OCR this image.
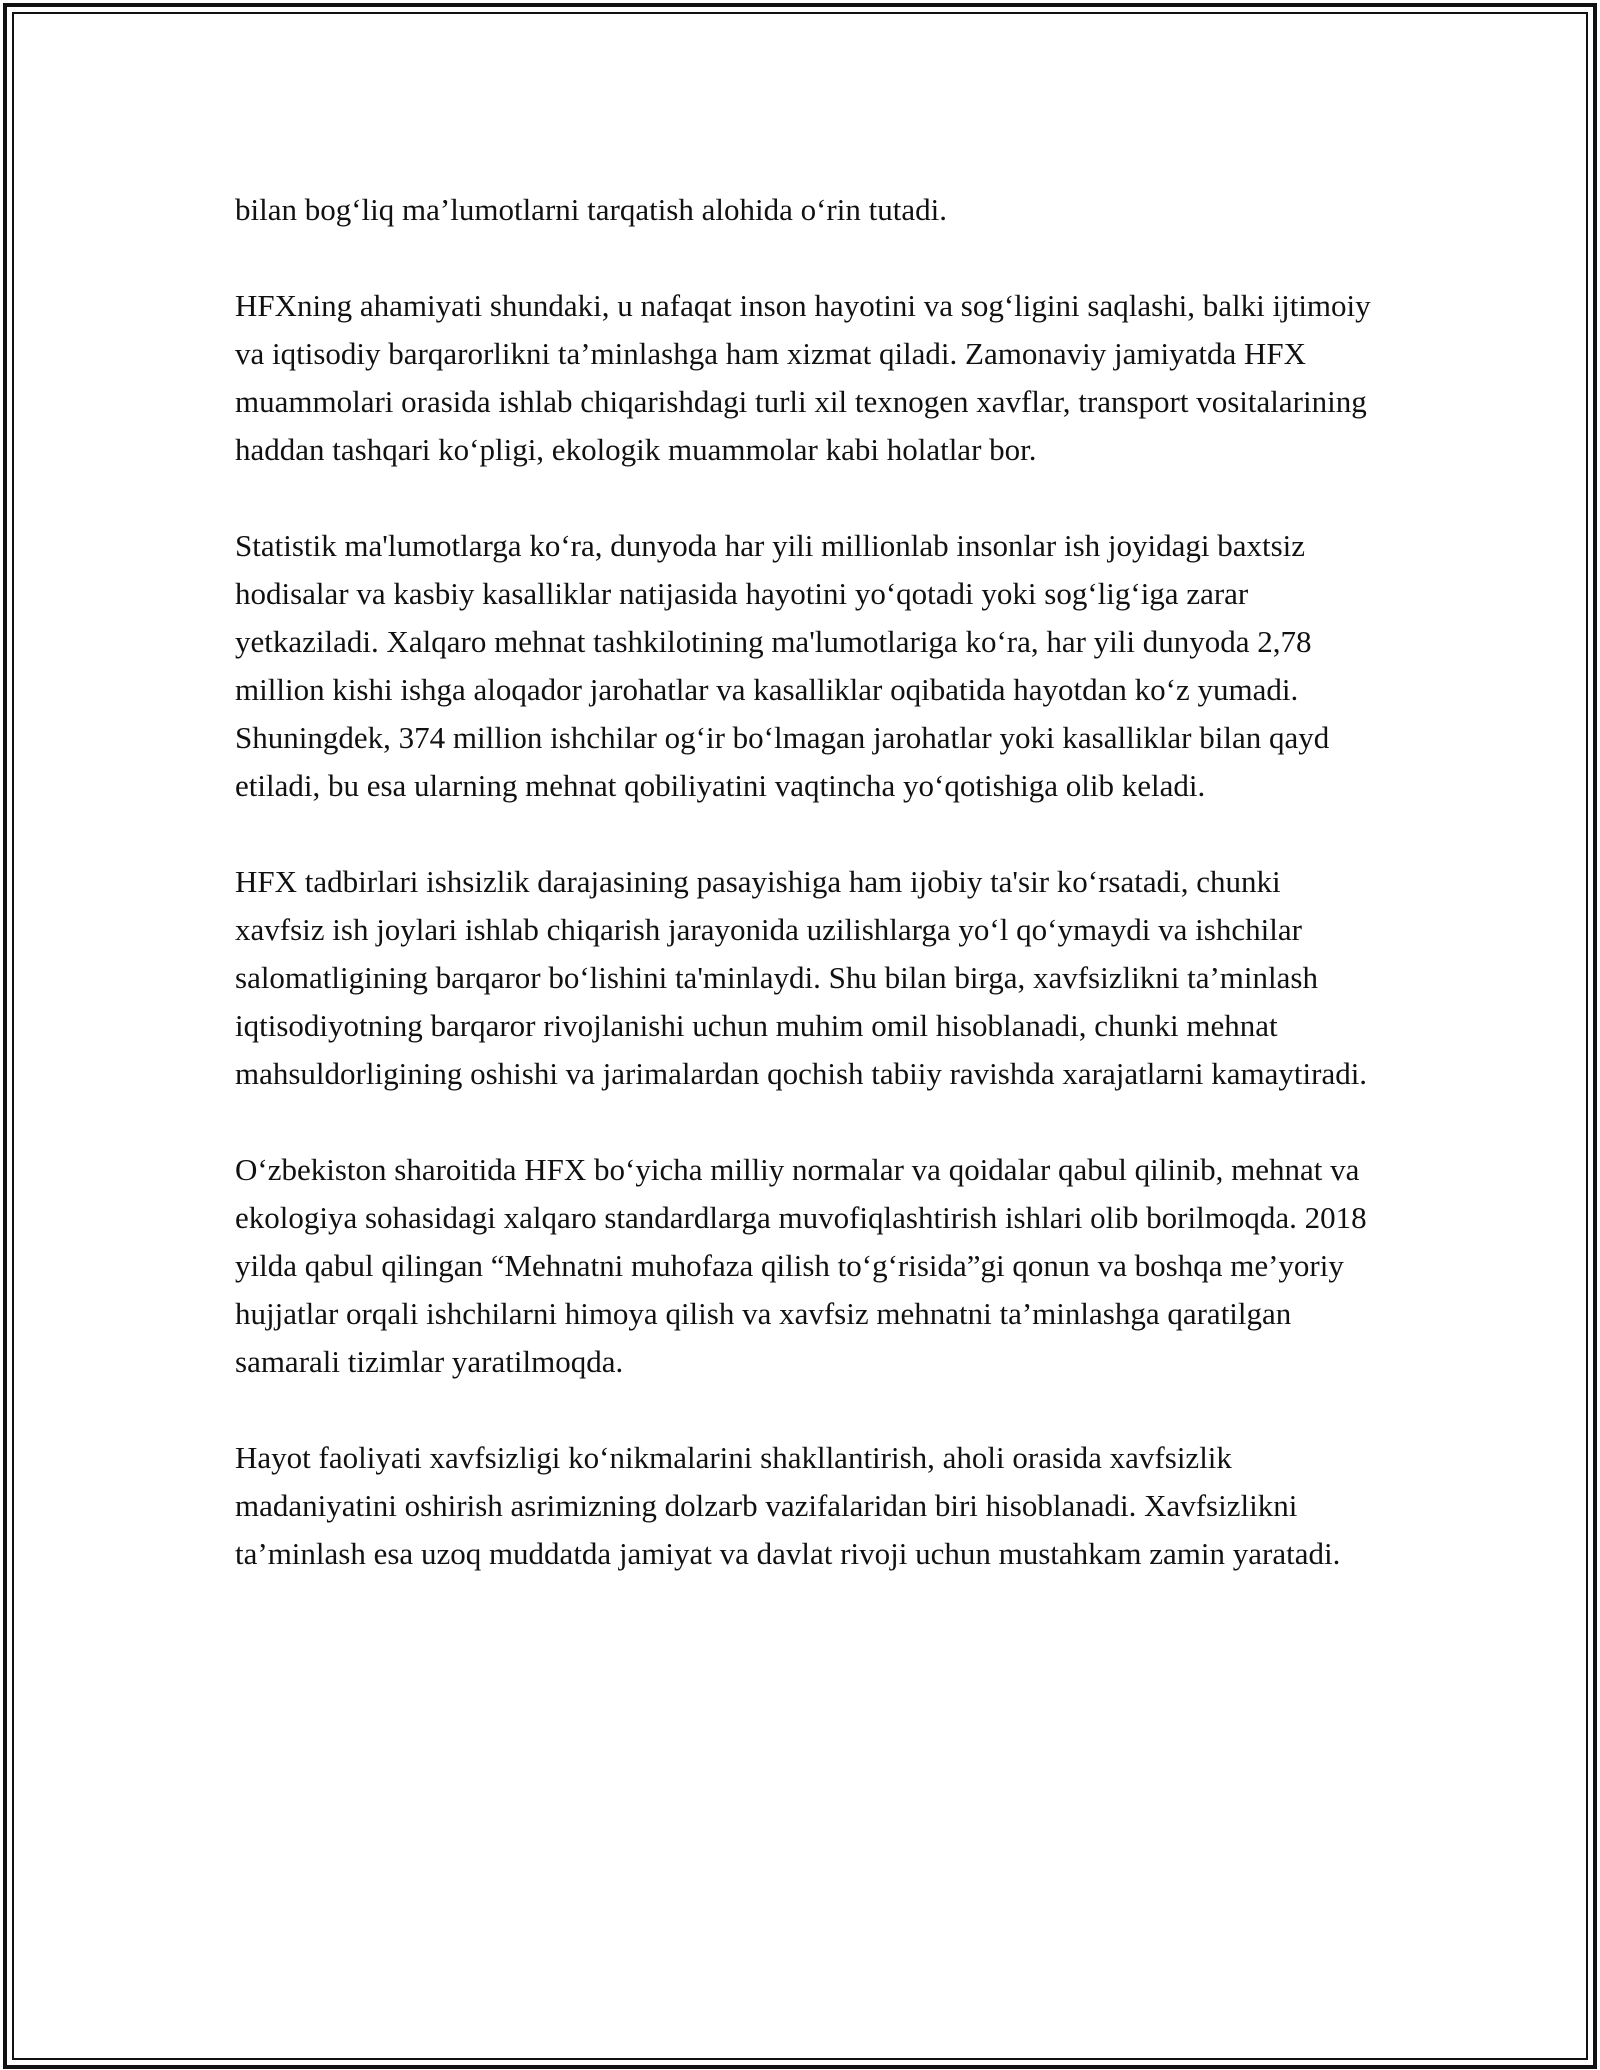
bilan bog‘liq ma’lumotlarni tarqatish alohida o‘rin tutadi.

HFXning ahamiyati shundaki, u nafaqat inson hayotini va sog‘ligini saqlashi, balki ijtimoiy va iqtisodiy barqarorlikni ta’minlashga ham xizmat qiladi. Zamonaviy jamiyatda HFX muammolari orasida ishlab chiqarishdagi turli xil texnogen xavflar, transport vositalarining haddan tashqari ko‘pligi, ekologik muammolar kabi holatlar bor.

Statistik ma'lumotlarga ko‘ra, dunyoda har yili millionlab insonlar ish joyidagi baxtsiz hodisalar va kasbiy kasalliklar natijasida hayotini yo‘qotadi yoki sog‘lig‘iga zarar yetkaziladi. Xalqaro mehnat tashkilotining ma'lumotlariga ko‘ra, har yili dunyoda 2,78 million kishi ishga aloqador jarohatlar va kasalliklar oqibatida hayotdan ko‘z yumadi. Shuningdek, 374 million ishchilar og‘ir bo‘lmagan jarohatlar yoki kasalliklar bilan qayd etiladi, bu esa ularning mehnat qobiliyatini vaqtincha yo‘qotishiga olib keladi.

HFX tadbirlari ishsizlik darajasining pasayishiga ham ijobiy ta'sir ko‘rsatadi, chunki xavfsiz ish joylari ishlab chiqarish jarayonida uzilishlarga yo‘l qo‘ymaydi va ishchilar salomatligining barqaror bo‘lishini ta'minlaydi. Shu bilan birga, xavfsizlikni ta’minlash iqtisodiyotning barqaror rivojlanishi uchun muhim omil hisoblanadi, chunki mehnat mahsuldorligining oshishi va jarimalardan qochish tabiiy ravishda xarajatlarni kamaytiradi.

O‘zbekiston sharoitida HFX bo‘yicha milliy normalar va qoidalar qabul qilinib, mehnat va ekologiya sohasidagi xalqaro standardlarga muvofiqlashtirish ishlari olib borilmoqda. 2018 yilda qabul qilingan “Mehnatni muhofaza qilish to‘g‘risida”gi qonun va boshqa me’yoriy hujjatlar orqali ishchilarni himoya qilish va xavfsiz mehnatni ta’minlashga qaratilgan samarali tizimlar yaratilmoqda.

Hayot faoliyati xavfsizligi ko‘nikmalarini shakllantirish, aholi orasida xavfsizlik madaniyatini oshirish asrimizning dolzarb vazifalaridan biri hisoblanadi. Xavfsizlikni ta’minlash esa uzoq muddatda jamiyat va davlat rivoji uchun mustahkam zamin yaratadi.
